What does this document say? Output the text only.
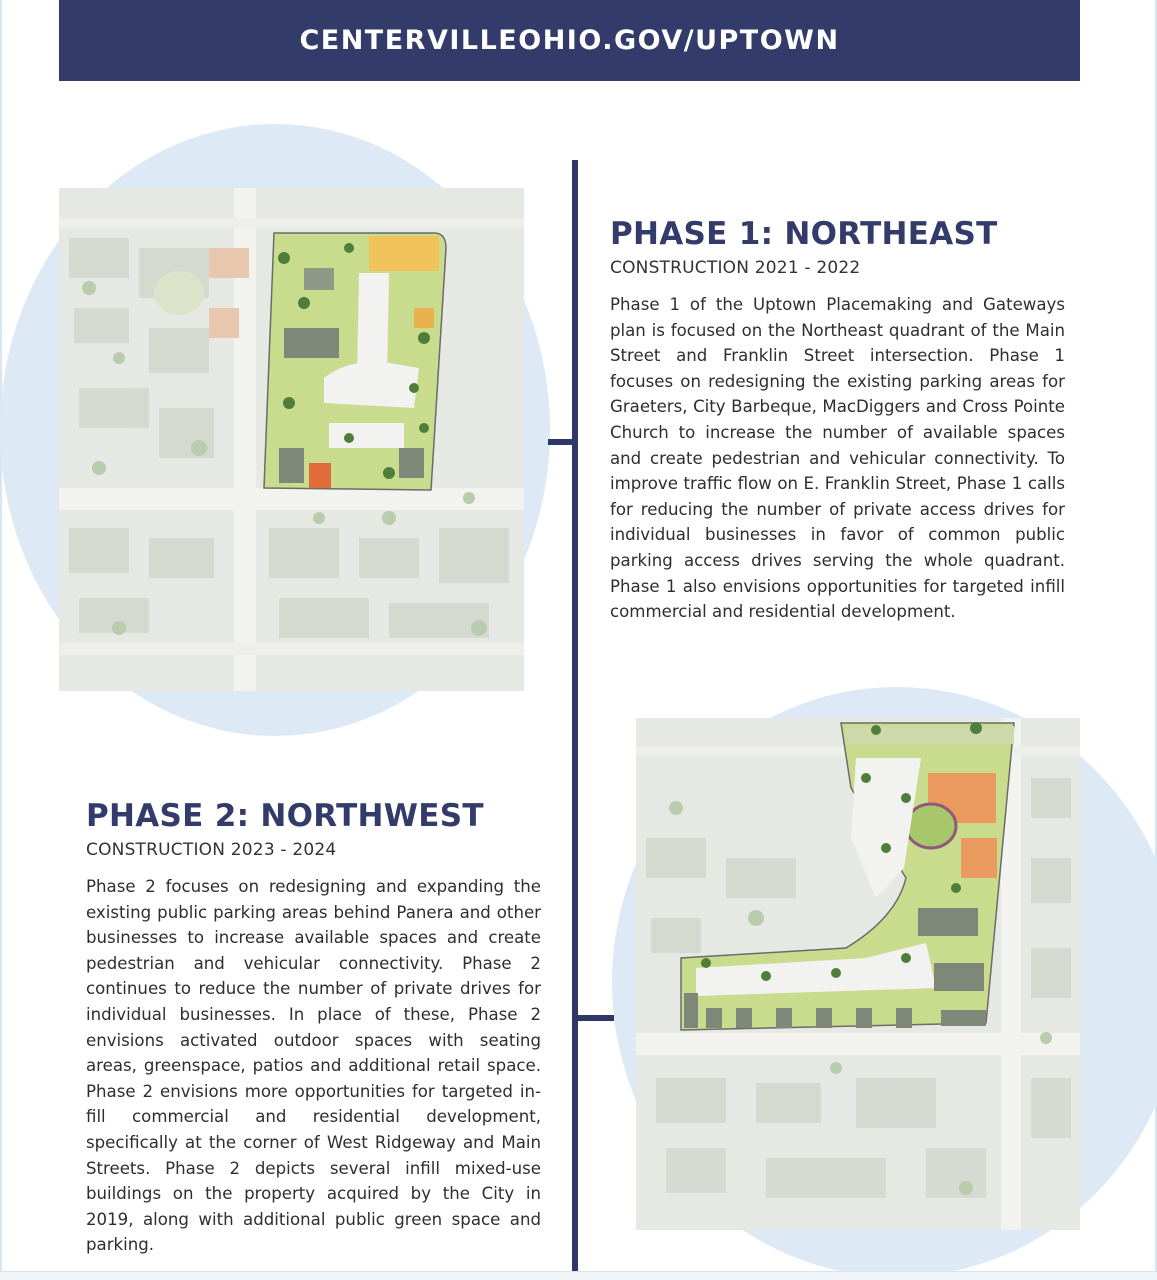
CENTERVILLEOHIO.GOV/UPTOWN
PHASE 1: NORTHEAST
CONSTRUCTION 2021 - 2022

Phase 1 of the Uptown Placemaking and Gateways plan is focused on the Northeast quadrant of the Main Street and Franklin Street intersection. Phase 1 focuses on redesigning the existing parking areas for Graeters, City Barbeque, MacDiggers and Cross Pointe Church to increase the number of available spaces and create pedestrian and vehicular connectivity. To improve traffic flow on E. Franklin Street, Phase 1 calls for reducing the number of private access drives for individual businesses in favor of common public parking access drives serving the whole quadrant. Phase 1 also envisions opportunities for targeted infill commercial and residential development.

PHASE 2: NORTHWEST
CONSTRUCTION 2023 - 2024

Phase 2 focuses on redesigning and expanding the existing public parking areas behind Panera and other businesses to increase available spaces and create pedestrian and vehicular connectivity. Phase 2 continues to reduce the number of private drives for individual businesses. In place of these, Phase 2 envisions activated outdoor spaces with seating areas, greenspace, patios and additional retail space. Phase 2 envisions more opportunities for targeted in-fill commercial and residential development, specifically at the corner of West Ridgeway and Main Streets. Phase 2 depicts several infill mixed-use buildings on the property acquired by the City in 2019, along with additional public green space and parking.
